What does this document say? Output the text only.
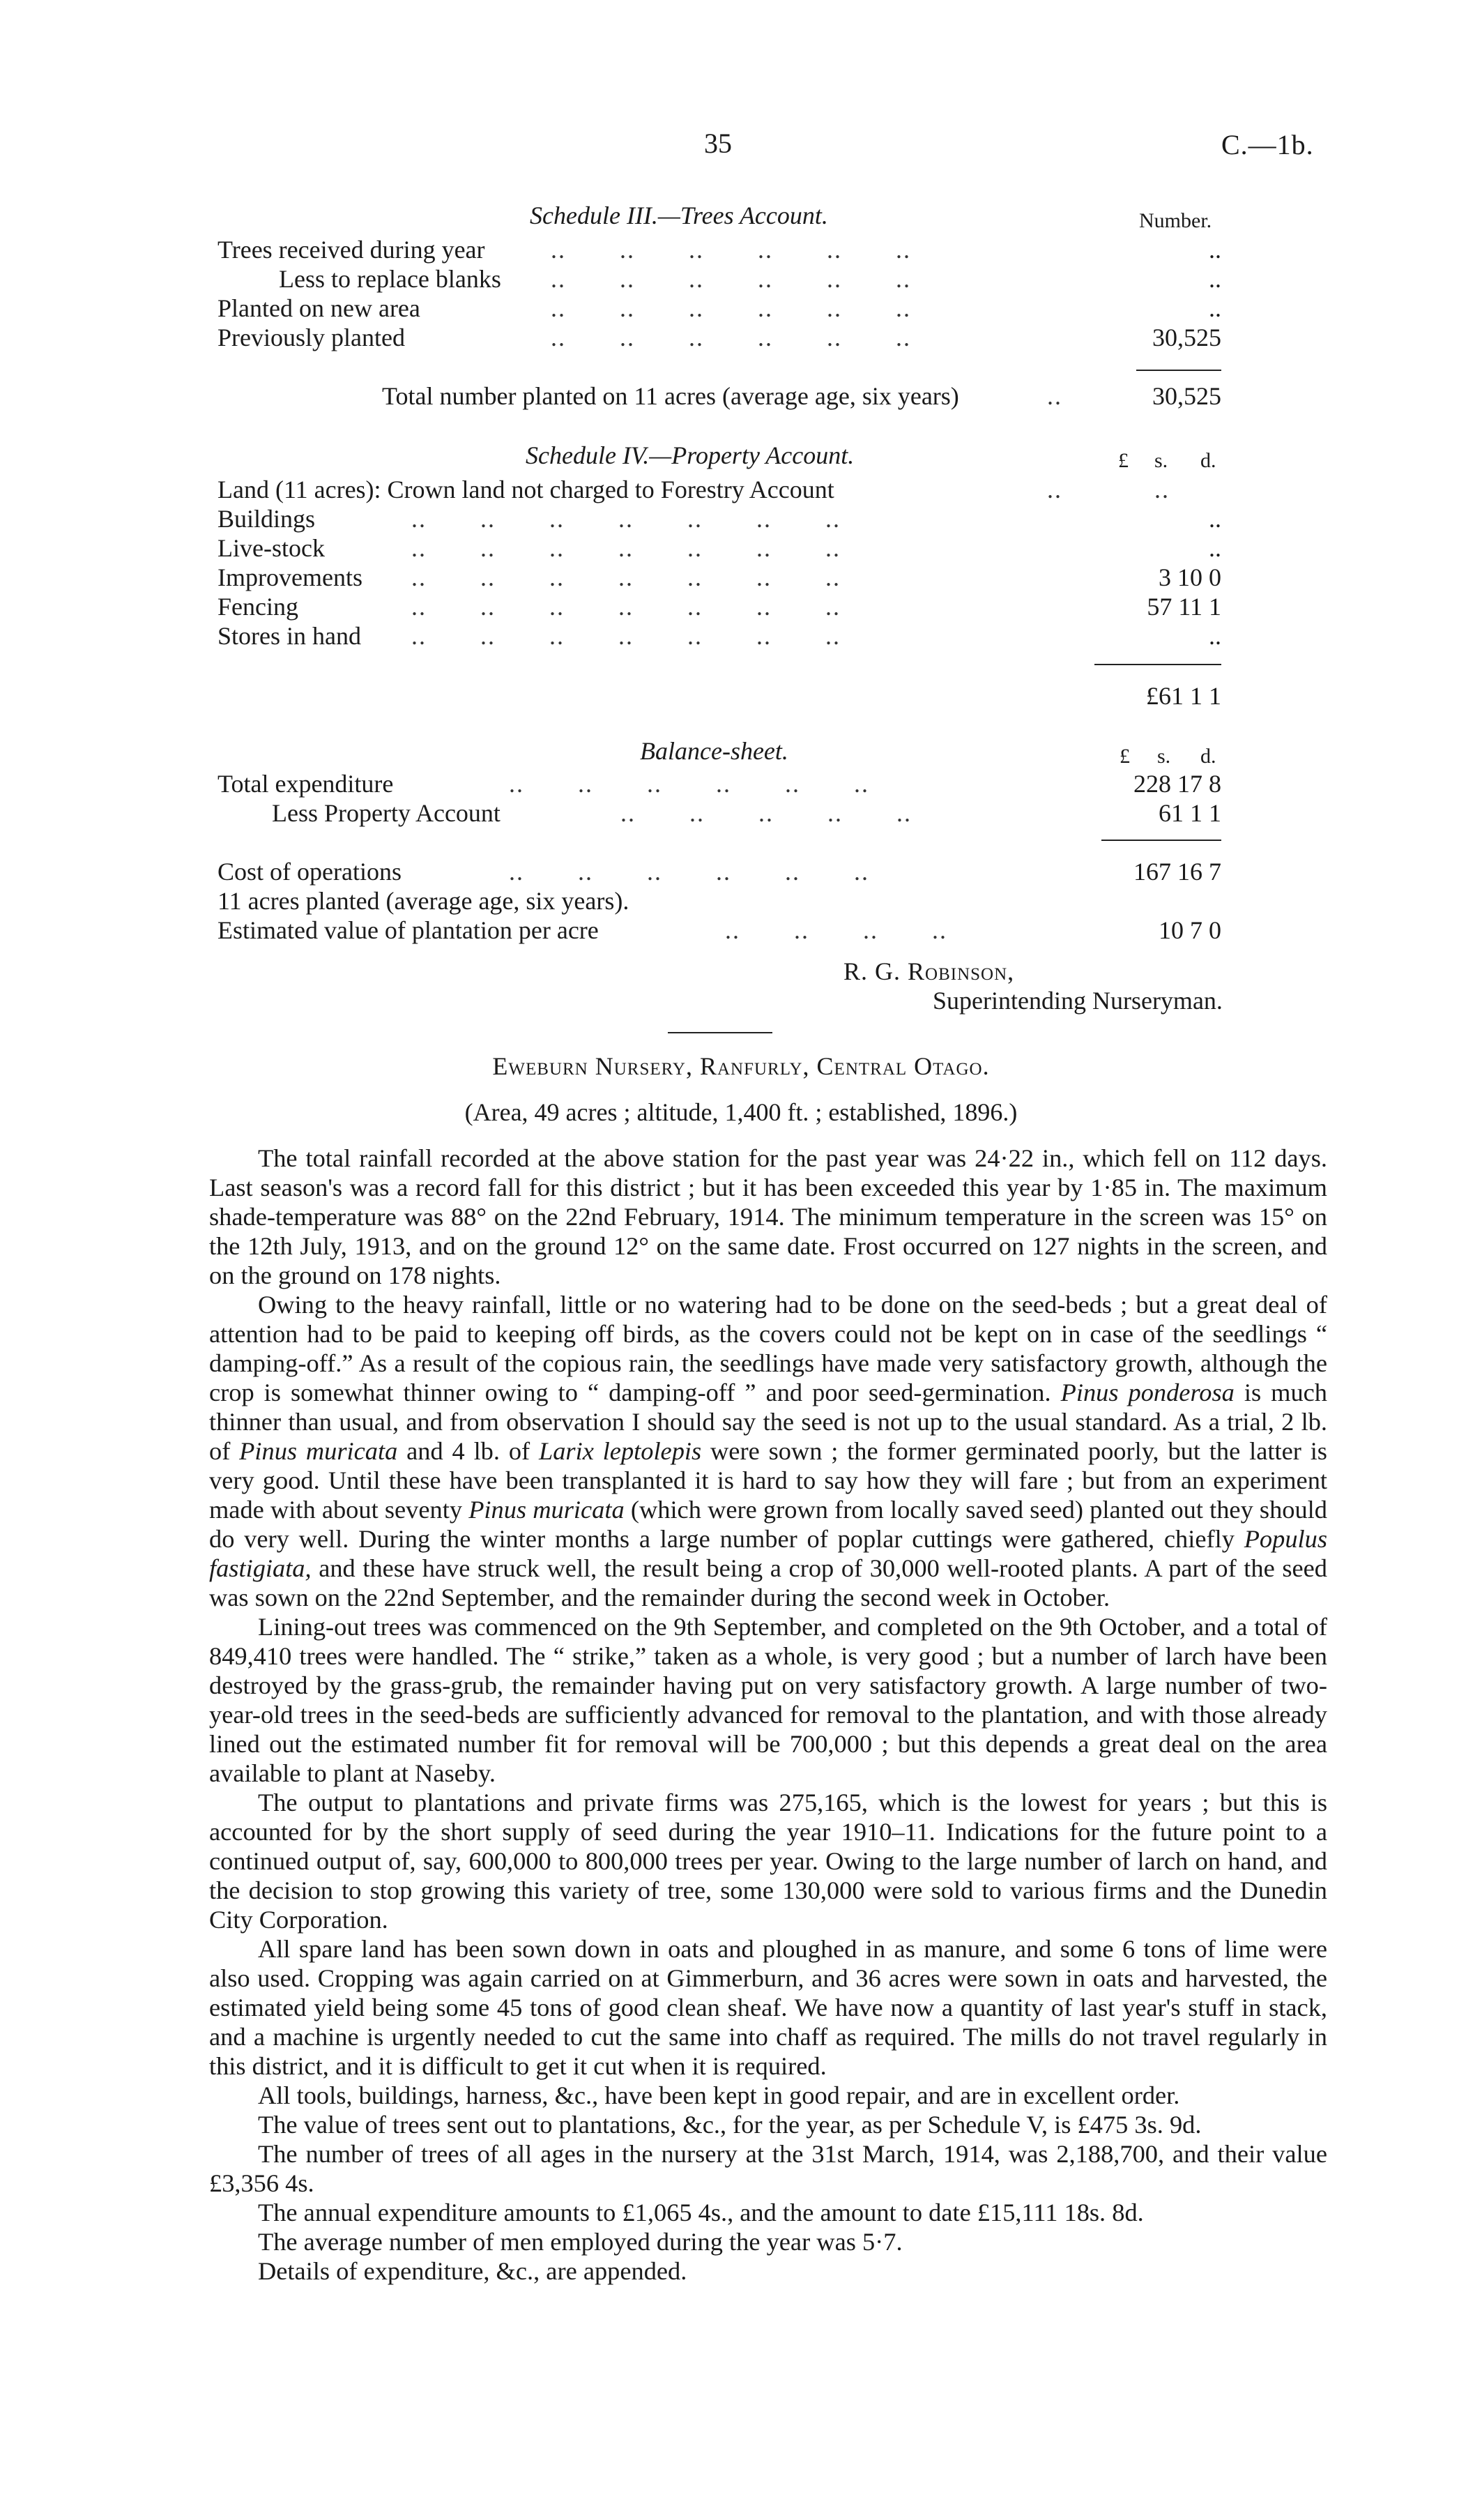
35	C.—1b.
Schedule III.—Trees Account.	Number.
Trees received during year	..       ..       ..       ..       ..       ..	..
Less to replace blanks ..       ..       ..       ..       ..       ..	..
Planted on new area	..       ..       ..       ..       ..       ..	..
Previously planted	..       ..       ..       ..       ..       ..	30,525
Total number planted on 11 acres (average age, six years)	..	30,525
Schedule IV.—Property Account.	£ s. d.
Land (11 acres): Crown land not charged to Forestry Account	..            ..
Buildings	..       ..       ..       ..       ..       ..       ..	..
Live-stock	..       ..       ..       ..       ..       ..       ..	..
Improvements ..       ..       ..       ..       ..       ..       ..	3 10 0
Fencing	..       ..       ..       ..       ..       ..       ..	57 11 1
Stores in hand ..       ..       ..       ..       ..       ..       ..	..
£61 1 1
Balance-sheet.	£ s. d.
Total expenditure	..       ..       ..       ..       ..       ..	228 17 8
Less Property Account	..       ..       ..       ..       ..	61 1 1
Cost of operations	..       ..       ..       ..       ..       ..	167 16 7
11 acres planted (average age, six years).
Estimated value of plantation per acre	..       ..       ..       ..	10 7 0
R. G. Robinson,
Superintending Nurseryman.
Eweburn Nursery, Ranfurly, Central Otago.
(Area, 49 acres ; altitude, 1,400 ft. ; established, 1896.)

The total rainfall recorded at the above station for the past year was 24·22 in., which fell on 112 days. Last season's was a record fall for this district ; but it has been exceeded this year by 1·85 in. The maximum shade-temperature was 88° on the 22nd February, 1914. The minimum temperature in the screen was 15° on the 12th July, 1913, and on the ground 12° on the same date. Frost occurred on 127 nights in the screen, and on the ground on 178 nights.

Owing to the heavy rainfall, little or no watering had to be done on the seed-beds ; but a great deal of attention had to be paid to keeping off birds, as the covers could not be kept on in case of the seedlings “ damping-off.” As a result of the copious rain, the seedlings have made very satisfactory growth, although the crop is somewhat thinner owing to “ damping-off ” and poor seed-germination. Pinus ponderosa is much thinner than usual, and from observation I should say the seed is not up to the usual standard. As a trial, 2 lb. of Pinus muricata and 4 lb. of Larix leptolepis were sown ; the former germinated poorly, but the latter is very good. Until these have been transplanted it is hard to say how they will fare ; but from an experiment made with about seventy Pinus muricata (which were grown from locally saved seed) planted out they should do very well. During the winter months a large number of poplar cuttings were gathered, chiefly Populus fastigiata, and these have struck well, the result being a crop of 30,000 well-rooted plants. A part of the seed was sown on the 22nd September, and the remainder during the second week in October.

Lining-out trees was commenced on the 9th September, and completed on the 9th October, and a total of 849,410 trees were handled. The “ strike,” taken as a whole, is very good ; but a number of larch have been destroyed by the grass-grub, the remainder having put on very satisfactory growth. A large number of two-year-old trees in the seed-beds are sufficiently advanced for removal to the plantation, and with those already lined out the estimated number fit for removal will be 700,000 ; but this depends a great deal on the area available to plant at Naseby.

The output to plantations and private firms was 275,165, which is the lowest for years ; but this is accounted for by the short supply of seed during the year 1910–11. Indications for the future point to a continued output of, say, 600,000 to 800,000 trees per year. Owing to the large number of larch on hand, and the decision to stop growing this variety of tree, some 130,000 were sold to various firms and the Dunedin City Corporation.

All spare land has been sown down in oats and ploughed in as manure, and some 6 tons of lime were also used. Cropping was again carried on at Gimmerburn, and 36 acres were sown in oats and harvested, the estimated yield being some 45 tons of good clean sheaf. We have now a quantity of last year's stuff in stack, and a machine is urgently needed to cut the same into chaff as required. The mills do not travel regularly in this district, and it is difficult to get it cut when it is required.

All tools, buildings, harness, &c., have been kept in good repair, and are in excellent order.

The value of trees sent out to plantations, &c., for the year, as per Schedule V, is £475 3s. 9d.

The number of trees of all ages in the nursery at the 31st March, 1914, was 2,188,700, and their value £3,356 4s.

The annual expenditure amounts to £1,065 4s., and the amount to date £15,111 18s. 8d.

The average number of men employed during the year was 5·7.

Details of expenditure, &c., are appended.
